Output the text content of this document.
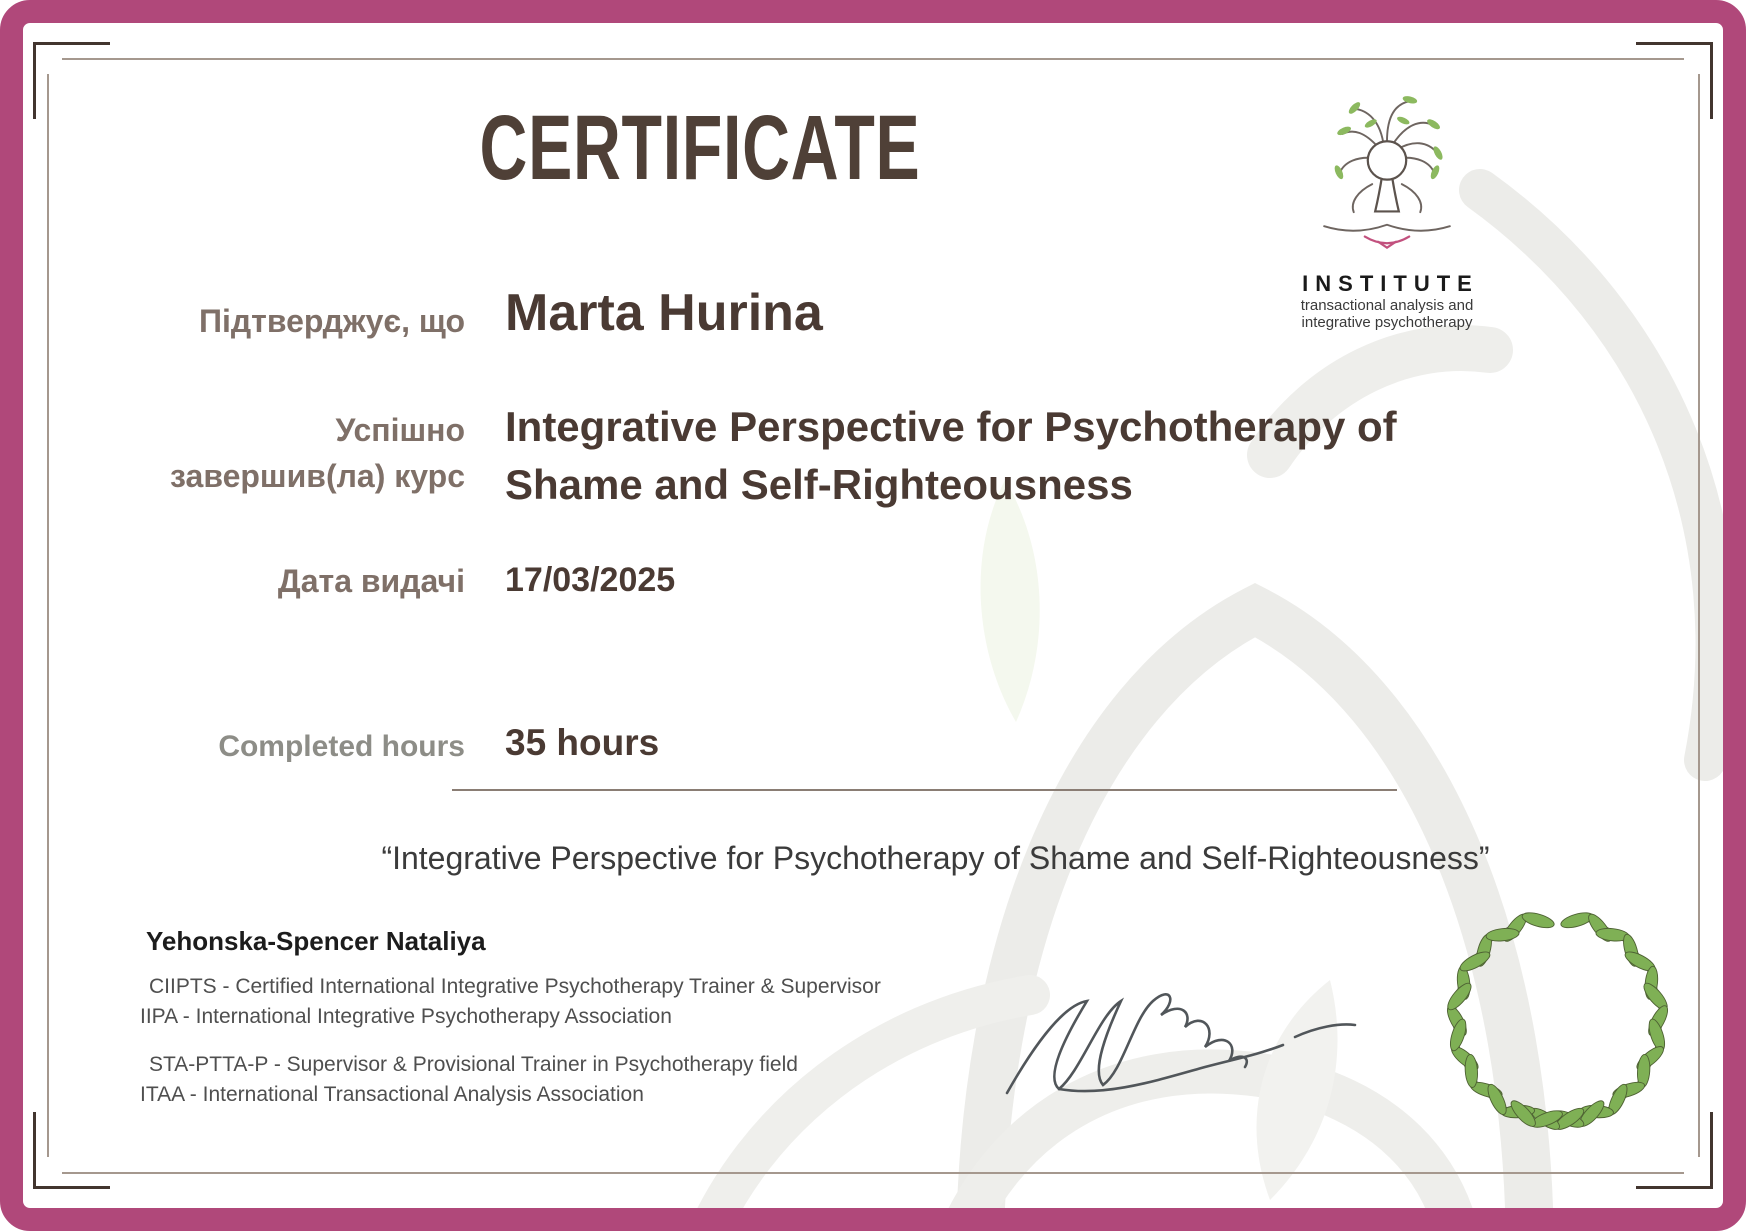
CERTIFICATE
INSTITUTE
transactional analysis and
integrative psychotherapy
Підтверджує, що Marta Hurina
Успішно
завершив(ла) курс
Integrative Perspective for Psychotherapy of Shame and Self-Righteousness
Дата видачі 17/03/2025
Completed hours 35 hours
“Integrative Perspective for Psychotherapy of Shame and Self-Righteousness”
Yehonska-Spencer Nataliya
CIIPTS - Certified International Integrative Psychotherapy Trainer & Supervisor
IIPA - International Integrative Psychotherapy Association
STA-PTTA-P - Supervisor & Provisional Trainer in Psychotherapy field
ITAA - International Transactional Analysis Association
